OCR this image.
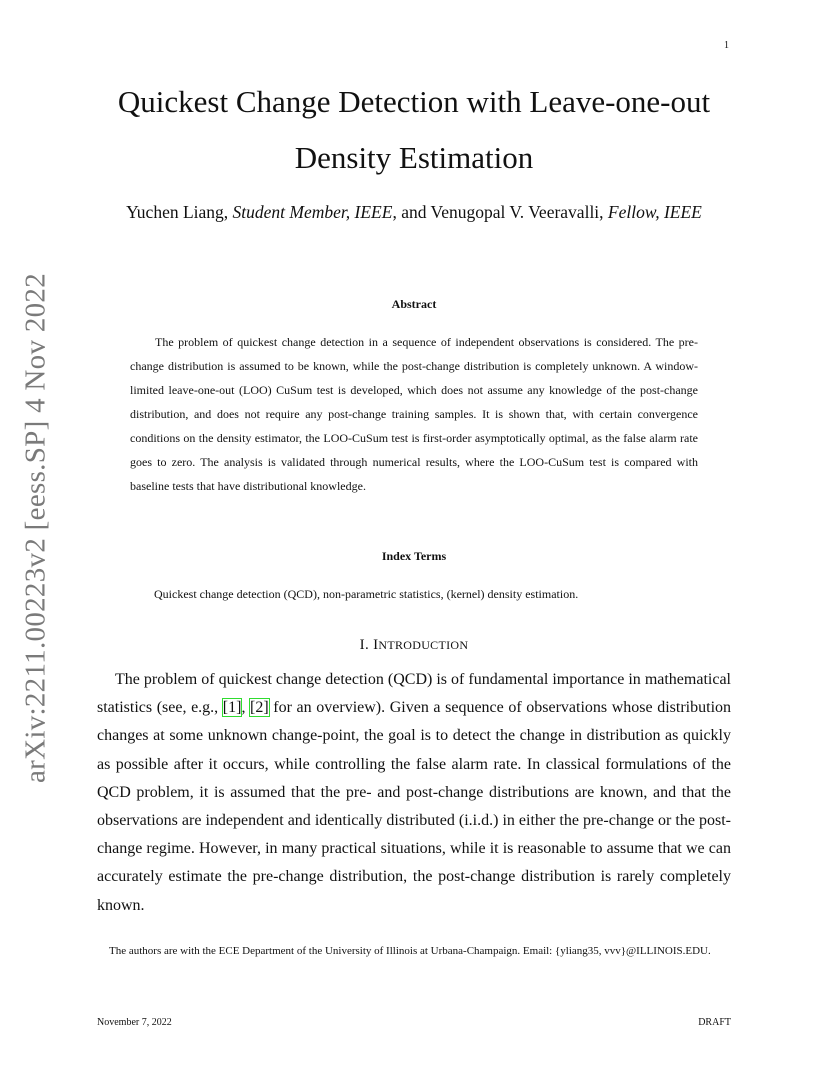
1
arXiv:2211.00223v2 [eess.SP] 4 Nov 2022
Quickest Change Detection with Leave-one-out Density Estimation
Yuchen Liang, Student Member, IEEE, and Venugopal V. Veeravalli, Fellow, IEEE
Abstract

The problem of quickest change detection in a sequence of independent observations is considered. The pre-change distribution is assumed to be known, while the post-change distribution is completely unknown. A window-limited leave-one-out (LOO) CuSum test is developed, which does not assume any knowledge of the post-change distribution, and does not require any post-change training samples. It is shown that, with certain convergence conditions on the density estimator, the LOO-CuSum test is first-order asymptotically optimal, as the false alarm rate goes to zero. The analysis is validated through numerical results, where the LOO-CuSum test is compared with baseline tests that have distributional knowledge.

Index Terms
Quickest change detection (QCD), non-parametric statistics, (kernel) density estimation.
I. INTRODUCTION

The problem of quickest change detection (QCD) is of fundamental importance in mathematical statistics (see, e.g., [1], [2] for an overview). Given a sequence of observations whose distribution changes at some unknown change-point, the goal is to detect the change in distribution as quickly as possible after it occurs, while controlling the false alarm rate. In classical formulations of the QCD problem, it is assumed that the pre- and post-change distributions are known, and that the observations are independent and identically distributed (i.i.d.) in either the pre-change or the post-change regime. However, in many practical situations, while it is reasonable to assume that we can accurately estimate the pre-change distribution, the post-change distribution is rarely completely known.

The authors are with the ECE Department of the University of Illinois at Urbana-Champaign. Email: {yliang35, vvv}@ILLINOIS.EDU.

November 7, 2022	DRAFT
